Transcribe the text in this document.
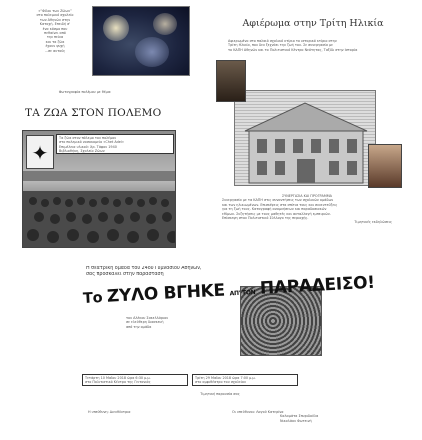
«“Φίλοι των Ζώων”
στο πολεμικό σχολείο
των Αθηνών στην
Κατοχή. Επειδή σ'
ένα κόσμο που
πεθαίνει από
την πείνα
και τα ζώα
έχουν ψυχή
...σε αυτούς
Φωτογραφία πολέμου με θέμα:
ΤΑ ΖΩΑ ΣΤΟΝ ΠΟΛΕΜΟ
✦
Τα ζώα στον πόλεμο του πολέμου
στο πολεμικό νοσοκομείο «Chet Adel»
Επιμέλεια υλικού: Χρ. Τάφου 1940
Βιβλιοθήκη, Σχολείο Ζώων
Αφιέρωμα στην Τρίτη Ηλικία
Αφιερωμένο στο παλαιό σχολικό κτίριο το ιστορικό κτίριο στην
Τρίτη Ηλικία, που δεν ξεχνάει την ζωή του. Σε συνεργασία με
το ΚΑΠΗ Αθηνών και το Πολιτιστικό Κέντρο Νεότητας, Ταξίδι στην Ιστορία
ΣΥΝΕΡΓΑΣΙΑ ΚΑΙ ΠΡΟΓΡΑΜΜΑ
Συνεργασία με τα ΚΑΠΗ στις συναντήσεις των σχολικών ομάδων
και των ηλικιωμένων. Επισκέψεις στα σπίτια τους και συνεντεύξεις
για τη ζωή τους. Καταγραφή αναμνήσεων και παραδοσιακών
εθίμων. Συζητήσεις με τους μαθητές και ανταλλαγή εμπειριών.
Επίσκεψη στον Πολιτιστικό Σύλλογο της περιοχής.
Τιμητικές εκδηλώσεις
Η θεατρική ομάδα του 24ου Γυμνασίου Αθηνών,
σας προσκαλεί στην παράσταση
Το ΖΥΛΟ ΒΓΗΚΕ ΑΠ' ΤΟΝ ΠΑΡΑΔΕΙΣΟ!
του Αλέκου Σακελλάριου
σε ελεύθερη διασκευή
από την ομάδα
Τετάρτη 10 Μαΐου 2018 ώρα 6:30 μ.μ.
στο Πολιτιστικό Κέντρο της Γειτονιάς
Τρίτη 29 Μαΐου 2018 ώρα 7:00 μ.μ.
στο αμφιθέατρο του σχολείου
Τιμητική παρουσία σας
Η υπεύθυνη: Διευθύντρια	Οι υπεύθυνοι: Λαγού Κατερίνα
Καλαμάτα Σπυριδούλα
Νικολάου Φωτεινή
